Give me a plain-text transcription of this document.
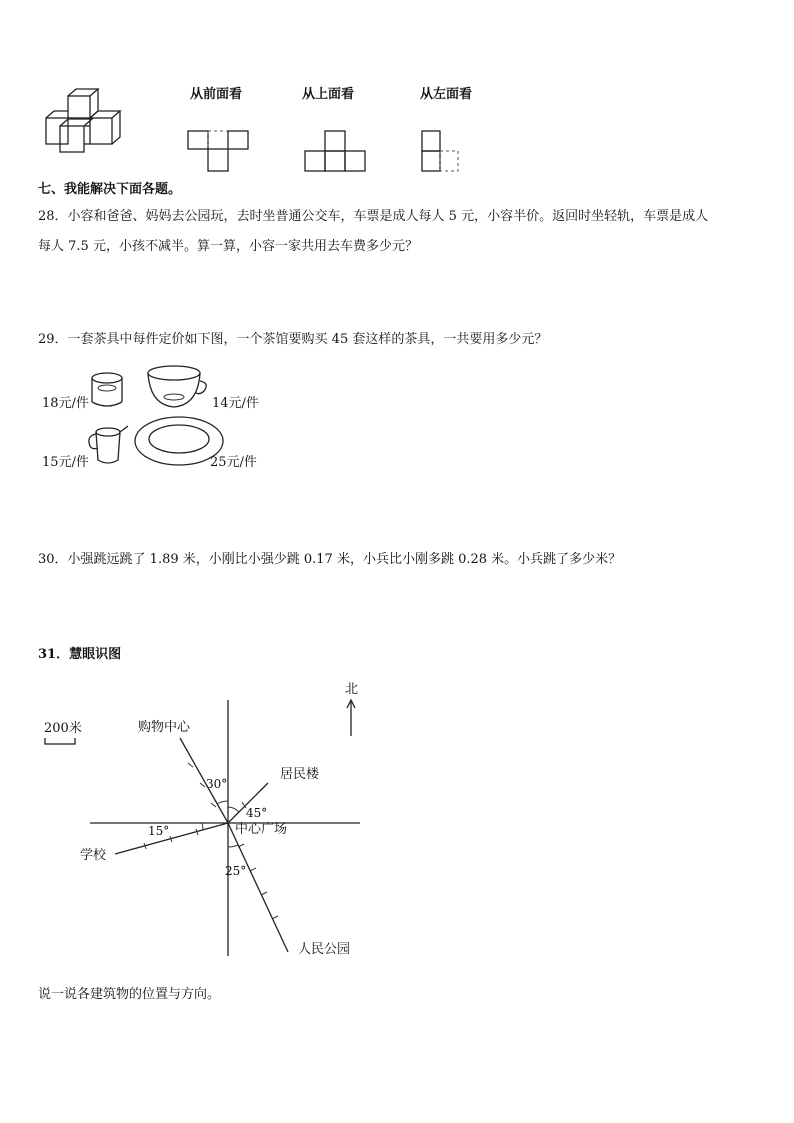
从前面看	从上面看	从左面看
七、我能解决下面各题。
28．小容和爸爸、妈妈去公园玩，去时坐普通公交车，车票是成人每人 5 元，小容半价。返回时坐轻轨，车票是成人
每人 7.5 元，小孩不减半。算一算，小容一家共用去车费多少元？
29．一套茶具中每件定价如下图，一个茶馆要购买 45 套这样的茶具，一共要用多少元？
18元/件	14元/件
15元/件	25元/件
30．小强跳远跳了 1.89 米，小刚比小强少跳 0.17 米，小兵比小刚多跳 0.28 米。小兵跳了多少米？
31．慧眼识图
北
200米	购物中心
居民楼
中心广场
学校
人民公园
30°
45°
15°
25°
说一说各建筑物的位置与方向。
